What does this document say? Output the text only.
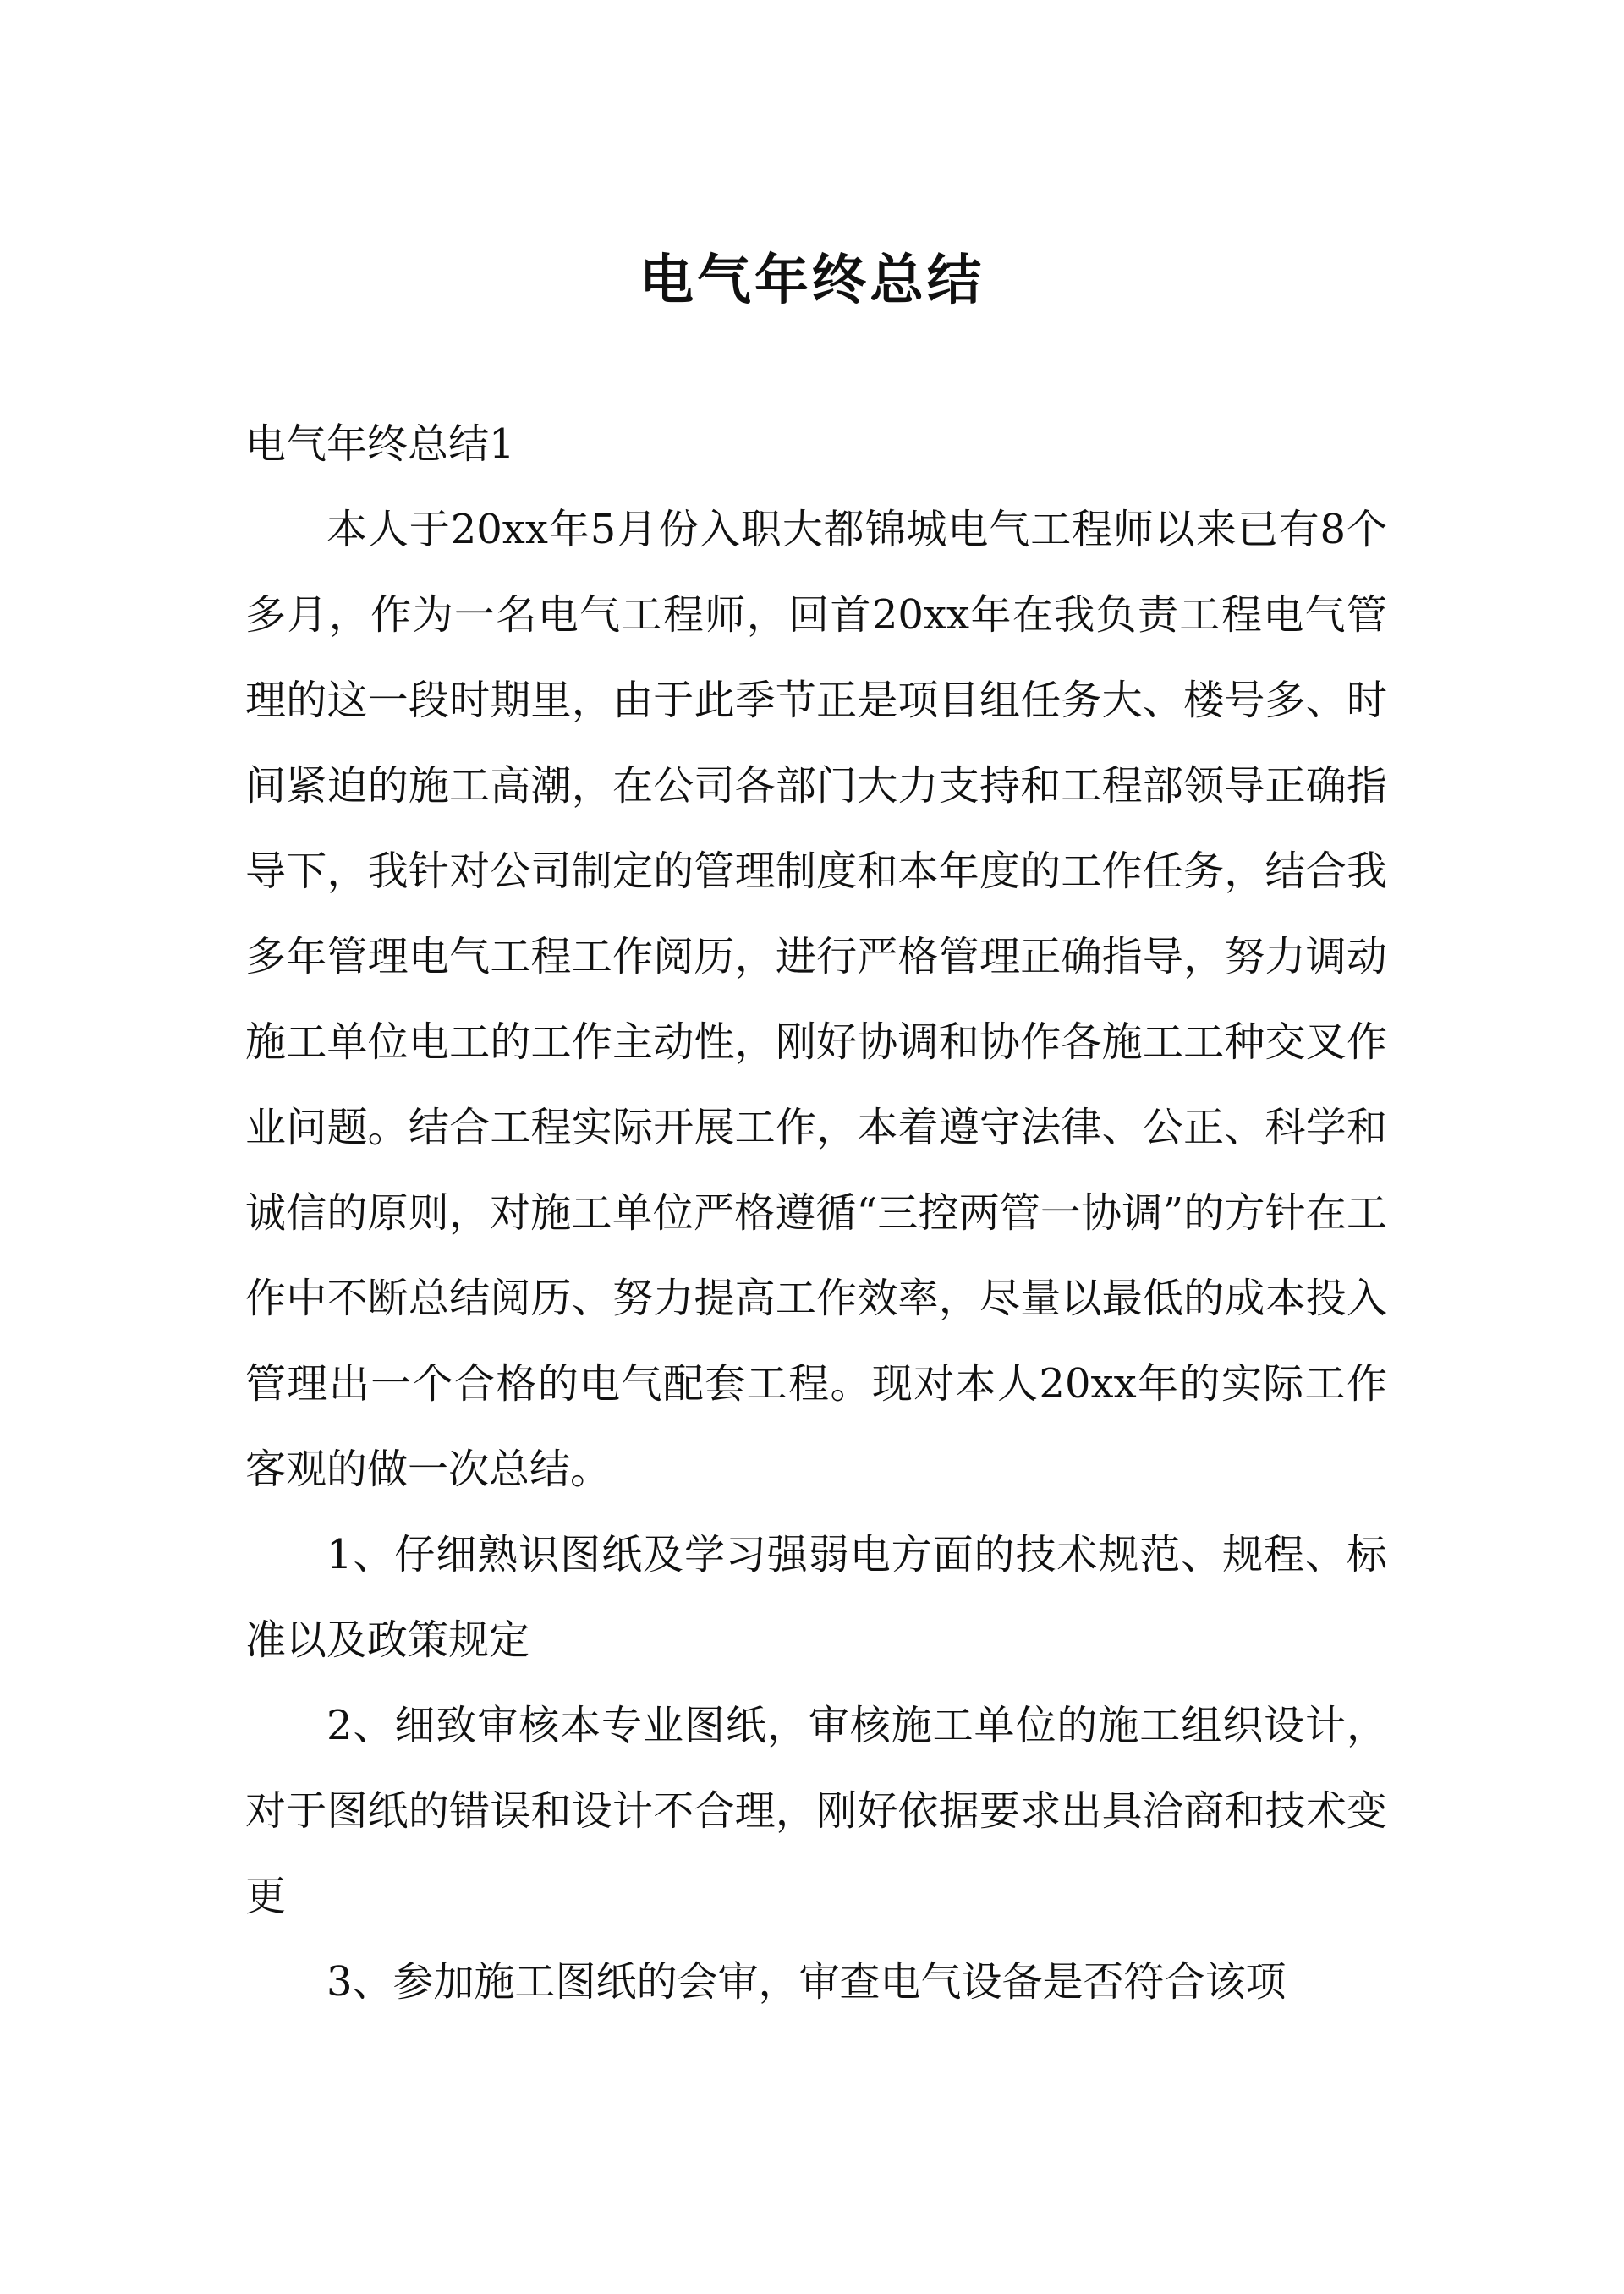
电气年终总结

电气年终总结1

本人于20xx年5月份入职大都锦城电气工程师以来已有8个多月，作为一名电气工程师，回首20xx年在我负责工程电气管理的这一段时期里，由于此季节正是项目组任务大、楼号多、时间紧迫的施工高潮，在公司各部门大力支持和工程部领导正确指导下，我针对公司制定的管理制度和本年度的工作任务，结合我多年管理电气工程工作阅历，进行严格管理正确指导，努力调动施工单位电工的工作主动性，刚好协调和协作各施工工种交叉作业问题。结合工程实际开展工作，本着遵守法律、公正、科学和诚信的原则，对施工单位严格遵循“三控两管一协调”的方针在工作中不断总结阅历、努力提高工作效率，尽量以最低的成本投入管理出一个合格的电气配套工程。现对本人20xx年的实际工作客观的做一次总结。

1、仔细熟识图纸及学习强弱电方面的技术规范、规程、标准以及政策规定

2、细致审核本专业图纸，审核施工单位的施工组织设计，对于图纸的错误和设计不合理，刚好依据要求出具洽商和技术变更

3、参加施工图纸的会审，审查电气设备是否符合该项
